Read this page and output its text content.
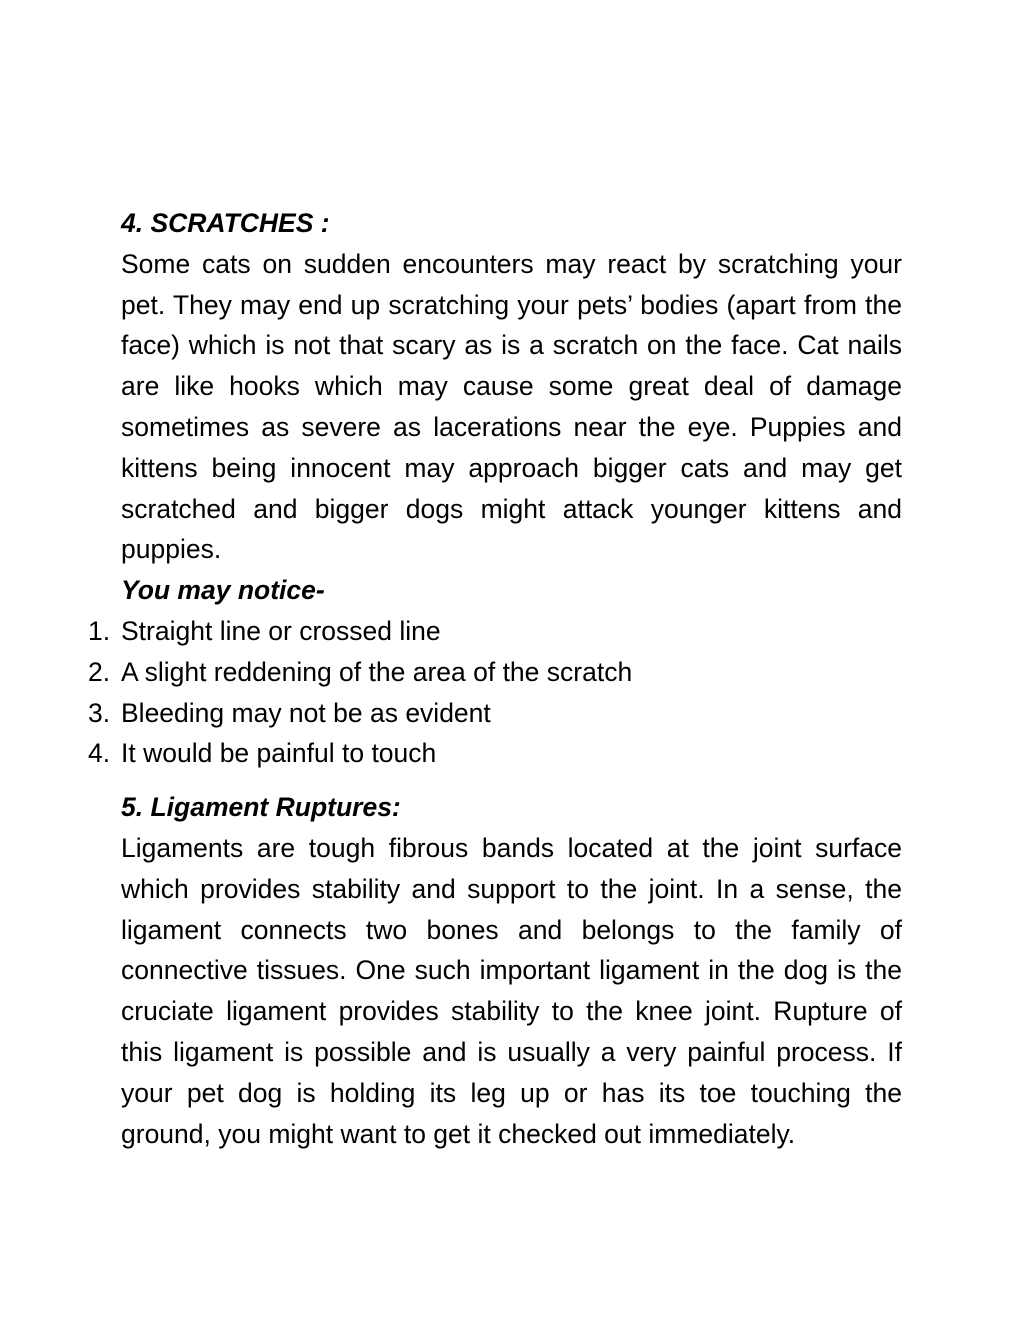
4. SCRATCHES :

Some cats on sudden encounters may react by scratching your pet. They may end up scratching your pets’ bodies (apart from the face) which is not that scary as is a scratch on the face. Cat nails are like hooks which may cause some great deal of damage sometimes as severe as lacerations near the eye. Puppies and kittens being innocent may approach bigger cats and may get scratched and bigger dogs might attack younger kittens and puppies.

You may notice-

1. Straight line or crossed line
2. A slight reddening of the area of the scratch
3. Bleeding may not be as evident
4. It would be painful to touch

5. Ligament Ruptures:

Ligaments are tough fibrous bands located at the joint surface which provides stability and support to the joint. In a sense, the ligament connects two bones and belongs to the family of connective tissues. One such important ligament in the dog is the cruciate ligament provides stability to the knee joint. Rupture of this ligament is possible and is usually a very painful process. If your pet dog is holding its leg up or has its toe touching the ground, you might want to get it checked out immediately.
